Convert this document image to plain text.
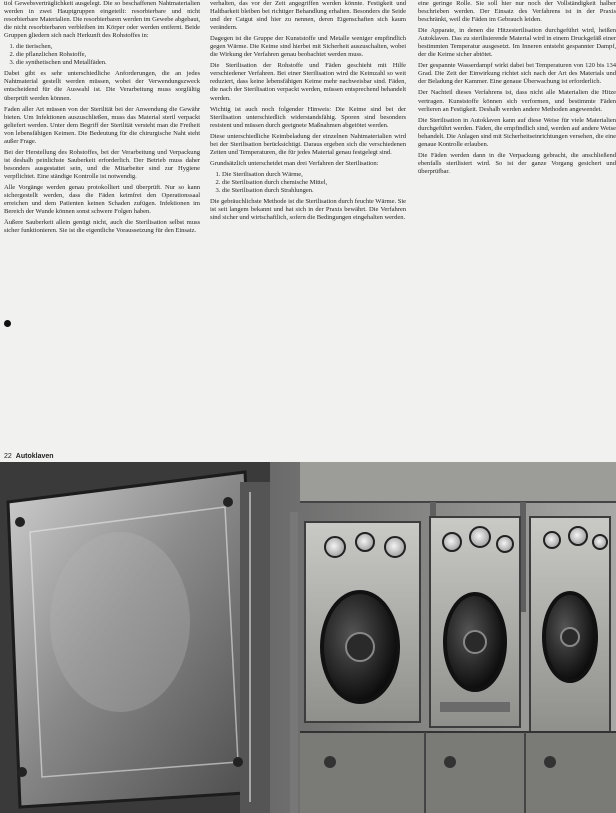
tiol Gewebsverträglichkeit ausgelegt. Die so beschaffenen Nahtmaterialien werden in zwei Hauptgruppen eingeteilt: resorbierbare und nicht resorbierbare Materialien. Die resorbierbaren werden im Gewebe abgebaut, die nicht resorbierbaren verbleiben im Körper oder werden entfernt. Beide Gruppen gliedern sich nach Herkunft des Rohstoffes in:

1. die tierischen,
2. die pflanzlichen Rohstoffe,
3. die synthetischen und Metallfäden.

Dabei gibt es sehr unterschiedliche Anforderungen, die an jedes Nahtmaterial gestellt werden müssen, wobei der Verwendungszweck entscheidend für die Auswahl ist. Die Verarbeitung muss sorgfältig überprüft werden können.

Faden aller Art müssen von der Sterilität bei der Anwendung die Gewähr bieten. Um Infektionen auszuschließen, muss das Material steril verpackt geliefert werden. Unter dem Begriff der Sterilität versteht man die Freiheit von lebensfähigen Keimen. Die Bedeutung für die chirurgische Naht steht außer Frage.

Bei der Herstellung des Rohstoffes, bei der Verarbeitung und Verpackung ist deshalb peinlichste Sauberkeit erforderlich. Der Betrieb muss daher besonders ausgestattet sein, und die Mitarbeiter sind zur Hygiene verpflichtet. Eine ständige Kontrolle ist notwendig.

Alle Vorgänge werden genau protokolliert und überprüft. Nur so kann sichergestellt werden, dass die Fäden keimfrei den Operationssaal erreichen und dem Patienten keinen Schaden zufügen. Infektionen im Bereich der Wunde können sonst schwere Folgen haben.

Äußere Sauberkeit allein genügt nicht, auch die Sterilisation selbst muss sicher funktionieren. Sie ist die eigentliche Voraussetzung für den Einsatz.

verhalten, das vor der Zeit angegriffen werden könnte. Festigkeit und Haltbarkeit bleiben bei richtiger Behandlung erhalten. Besonders die Seide und der Catgut sind hier zu nennen, deren Eigenschaften sich kaum verändern.

Dagegen ist die Gruppe der Kunststoffe und Metalle weniger empfindlich gegen Wärme. Die Keime sind hierbei mit Sicherheit auszuschalten, wobei die Wirkung der Verfahren genau beobachtet werden muss.

Die Sterilisation der Rohstoffe und Fäden geschieht mit Hilfe verschiedener Verfahren. Bei einer Sterilisation wird die Keimzahl so weit reduziert, dass keine lebensfähigen Keime mehr nachweisbar sind. Fäden, die nach der Sterilisation verpackt werden, müssen entsprechend behandelt werden.

Wichtig ist auch noch folgender Hinweis: Die Keime sind bei der Sterilisation unterschiedlich widerstandsfähig. Sporen sind besonders resistent und müssen durch geeignete Maßnahmen abgetötet werden.

Diese unterschiedliche Keimbeladung der einzelnen Nahtmaterialien wird bei der Sterilisation berücksichtigt. Daraus ergeben sich die verschiedenen Zeiten und Temperaturen, die für jedes Material genau festgelegt sind.

Grundsätzlich unterscheidet man drei Verfahren der Sterilisation:

1. Die Sterilisation durch Wärme,
2. die Sterilisation durch chemische Mittel,
3. die Sterilisation durch Strahlungen.

Die gebräuchlichste Methode ist die Sterilisation durch feuchte Wärme. Sie ist seit langem bekannt und hat sich in der Praxis bewährt. Die Verfahren sind sicher und wirtschaftlich, sofern die Bedingungen eingehalten werden.

eine geringe Rolle. Sie soll hier nur noch der Vollständigkeit halber beschrieben werden. Der Einsatz des Verfahrens ist in der Praxis beschränkt, weil die Fäden im Gebrauch leiden.

Die Apparate, in denen die Hitzesterilisation durchgeführt wird, heißen Autoklaven. Das zu sterilisierende Material wird in einem Druckgefäß einer bestimmten Temperatur ausgesetzt. Im Inneren entsteht gespannter Dampf, der die Keime sicher abtötet.

Der gespannte Wasserdampf wirkt dabei bei Temperaturen von 120 bis 134 Grad. Die Zeit der Einwirkung richtet sich nach der Art des Materials und der Beladung der Kammer. Eine genaue Überwachung ist erforderlich.

Der Nachteil dieses Verfahrens ist, dass nicht alle Materialien die Hitze vertragen. Kunststoffe können sich verformen, und bestimmte Fäden verlieren an Festigkeit. Deshalb werden andere Methoden angewendet.

Die Sterilisation in Autoklaven kann auf diese Weise für viele Materialien durchgeführt werden. Fäden, die empfindlich sind, werden auf andere Weise behandelt. Die Anlagen sind mit Sicherheitseinrichtungen versehen, die eine genaue Kontrolle erlauben.

Die Fäden werden dann in die Verpackung gebracht, die anschließend ebenfalls sterilisiert wird. So ist der ganze Vorgang gesichert und überprüfbar.

22 Autoklaven
